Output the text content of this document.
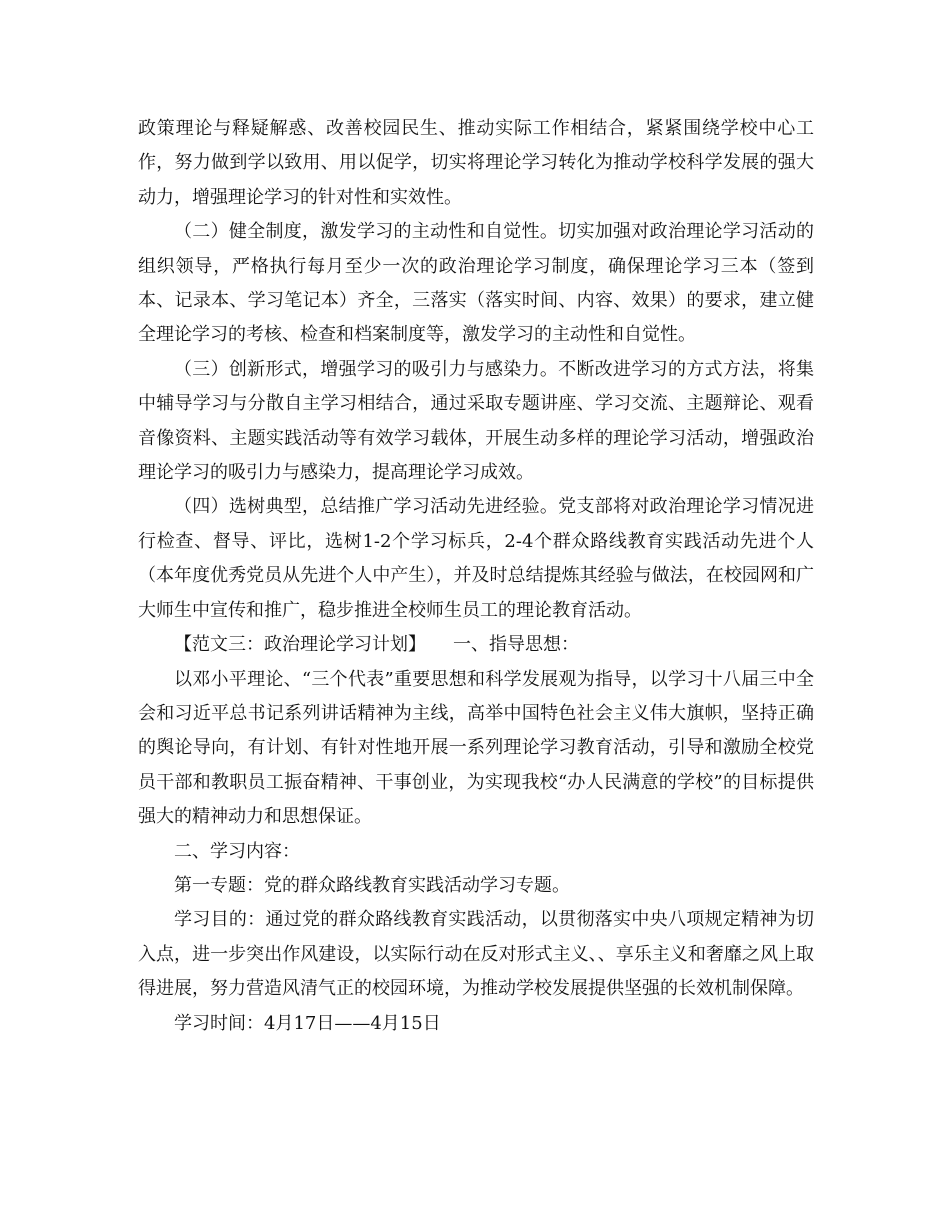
政策理论与释疑解惑、改善校园民生、推动实际工作相结合，紧紧围绕学校中心工作，努力做到学以致用、用以促学，切实将理论学习转化为推动学校科学发展的强大动力，增强理论学习的针对性和实效性。

（二）健全制度，激发学习的主动性和自觉性。切实加强对政治理论学习活动的组织领导，严格执行每月至少一次的政治理论学习制度，确保理论学习三本（签到本、记录本、学习笔记本）齐全，三落实（落实时间、内容、效果）的要求，建立健全理论学习的考核、检查和档案制度等，激发学习的主动性和自觉性。

（三）创新形式，增强学习的吸引力与感染力。不断改进学习的方式方法，将集中辅导学习与分散自主学习相结合，通过采取专题讲座、学习交流、主题辩论、观看音像资料、主题实践活动等有效学习载体，开展生动多样的理论学习活动，增强政治理论学习的吸引力与感染力，提高理论学习成效。

（四）选树典型，总结推广学习活动先进经验。党支部将对政治理论学习情况进行检查、督导、评比，选树1-2个学习标兵，2-4个群众路线教育实践活动先进个人（本年度优秀党员从先进个人中产生），并及时总结提炼其经验与做法，在校园网和广大师生中宣传和推广，稳步推进全校师生员工的理论教育活动。

【范文三：政治理论学习计划】　　一、指导思想：

以邓小平理论、“三个代表”重要思想和科学发展观为指导，以学习十八届三中全会和习近平总书记系列讲话精神为主线，高举中国特色社会主义伟大旗帜，坚持正确的舆论导向，有计划、有针对性地开展一系列理论学习教育活动，引导和激励全校党员干部和教职员工振奋精神、干事创业，为实现我校“办人民满意的学校”的目标提供强大的精神动力和思想保证。

二、学习内容：

第一专题：党的群众路线教育实践活动学习专题。

学习目的：通过党的群众路线教育实践活动，以贯彻落实中央八项规定精神为切入点，进一步突出作风建设，以实际行动在反对形式主义、、享乐主义和奢靡之风上取得进展，努力营造风清气正的校园环境，为推动学校发展提供坚强的长效机制保障。

学习时间：4月17日——4月15日
